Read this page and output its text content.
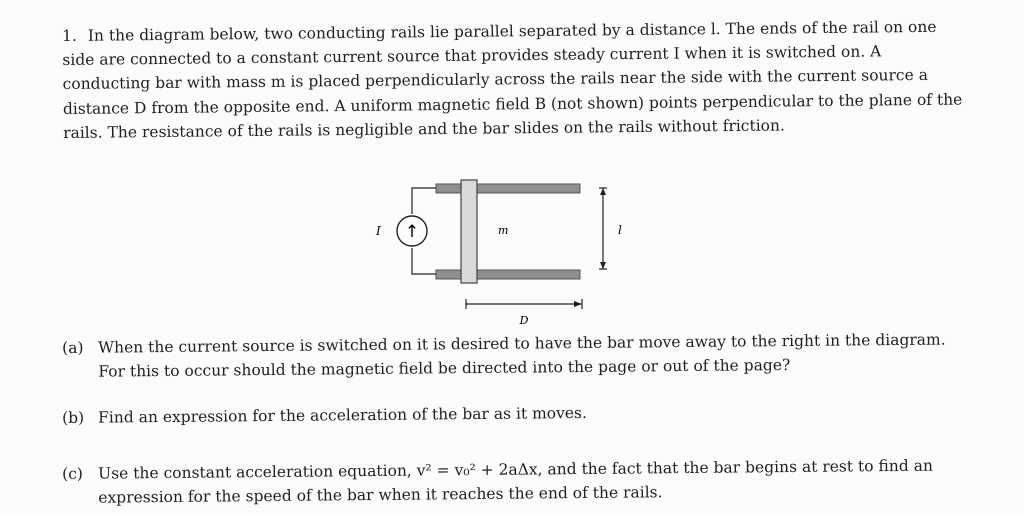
1. In the diagram below, two conducting rails lie parallel separated by a distance l. The ends of the rail on one side are connected to a constant current source that provides steady current I when it is switched on. A conducting bar with mass m is placed perpendicularly across the rails near the side with the current source a distance D from the opposite end. A uniform magnetic field B (not shown) points perpendicular to the plane of the rails. The resistance of the rails is negligible and the bar slides on the rails without friction.
↑
I	m	l
D
(a) When the current source is switched on it is desired to have the bar move away to the right in the diagram. For this to occur should the magnetic field be directed into the page or out of the page?
(b) Find an expression for the acceleration of the bar as it moves.
(c) Use the constant acceleration equation, v² = v₀² + 2aΔx, and the fact that the bar begins at rest to find an expression for the speed of the bar when it reaches the end of the rails.
